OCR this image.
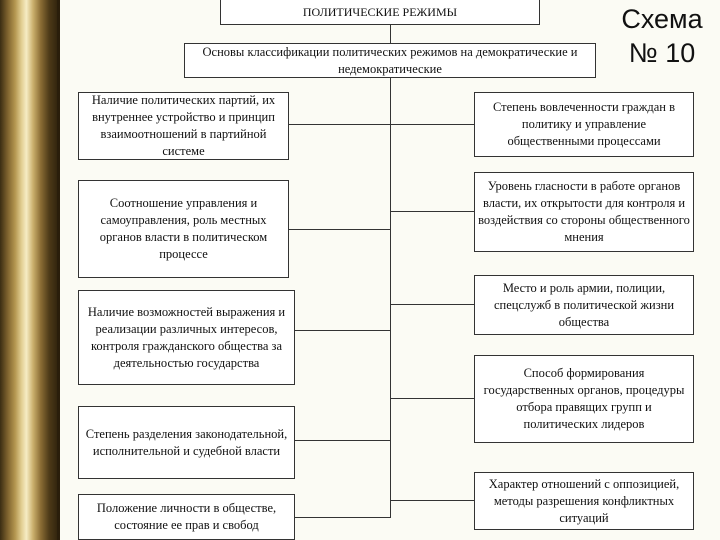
ПОЛИТИЧЕСКИЕ РЕЖИМЫ	Схема
№ 10
Основы классификации политических режимов на демократические и недемократические
Наличие политических партий, их внутреннее устройство и принцип взаимоотношений в партийной системе
Соотношение управления и самоуправления, роль местных органов власти в политическом процессе
Наличие возможностей выражения и реализации различных интересов, контроля гражданского общества за деятельностью государства
Степень разделения законодательной, исполнительной и судебной власти
Положение личности в обществе, состояние ее прав и свобод
Степень вовлеченности граждан в политику и управление общественными процессами
Уровень гласности в работе органов власти, их открытости для контроля и воздействия со стороны общественного мнения
Место и роль армии, полиции, спецслужб в политической жизни общества
Способ формирования государственных органов, процедуры отбора правящих групп и политических лидеров
Характер отношений с оппозицией, методы разрешения конфликтных ситуаций
